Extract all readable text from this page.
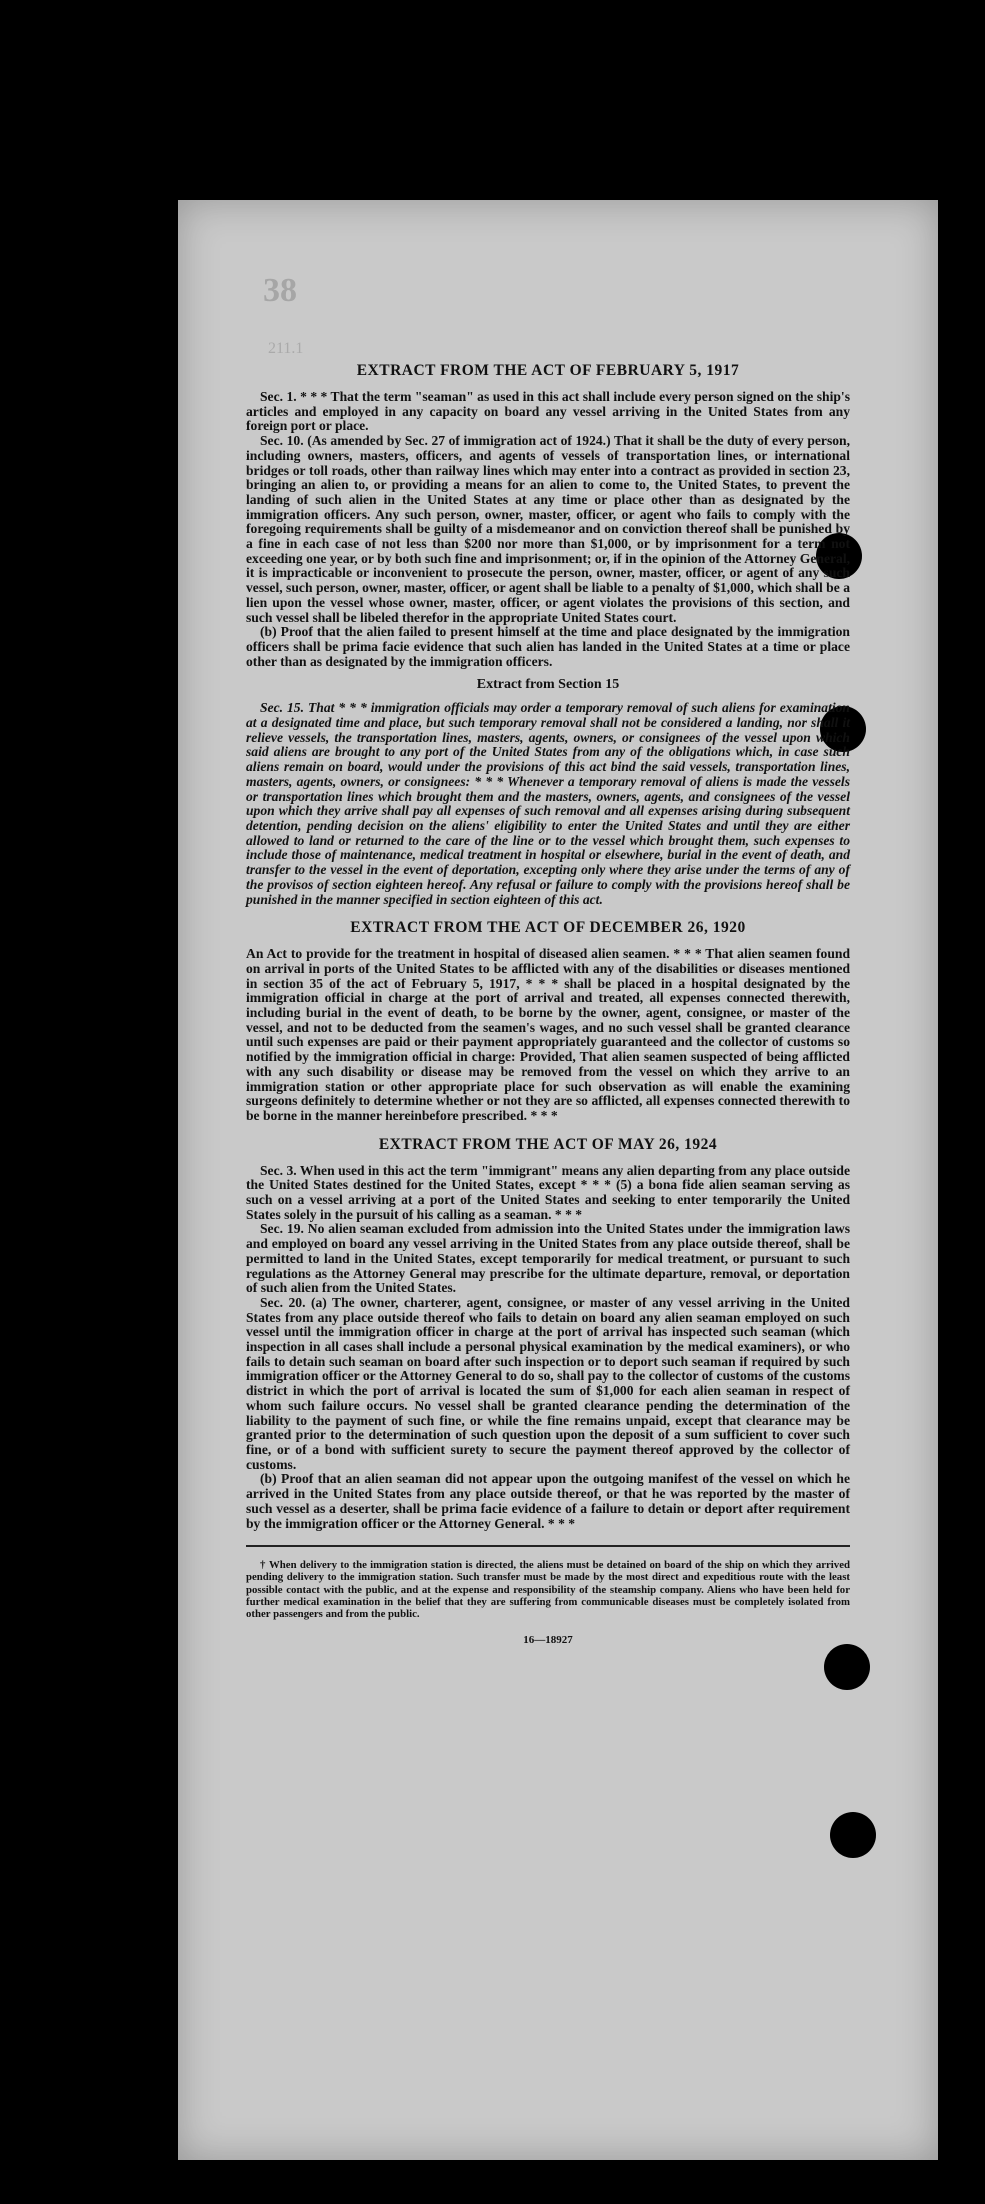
38
211.1
EXTRACT FROM THE ACT OF FEBRUARY 5, 1917

Sec. 1. * * * That the term "seaman" as used in this act shall include every person signed on the ship's articles and employed in any capacity on board any vessel arriving in the United States from any foreign port or place.

Sec. 10. (As amended by Sec. 27 of immigration act of 1924.) That it shall be the duty of every person, including owners, masters, officers, and agents of vessels of transportation lines, or international bridges or toll roads, other than railway lines which may enter into a contract as provided in section 23, bringing an alien to, or providing a means for an alien to come to, the United States, to prevent the landing of such alien in the United States at any time or place other than as designated by the immigration officers. Any such person, owner, master, officer, or agent who fails to comply with the foregoing requirements shall be guilty of a misdemeanor and on conviction thereof shall be punished by a fine in each case of not less than $200 nor more than $1,000, or by imprisonment for a term not exceeding one year, or by both such fine and imprisonment; or, if in the opinion of the Attorney General, it is impracticable or inconvenient to prosecute the person, owner, master, officer, or agent of any such vessel, such person, owner, master, officer, or agent shall be liable to a penalty of $1,000, which shall be a lien upon the vessel whose owner, master, officer, or agent violates the provisions of this section, and such vessel shall be libeled therefor in the appropriate United States court.

(b) Proof that the alien failed to present himself at the time and place designated by the immigration officers shall be prima facie evidence that such alien has landed in the United States at a time or place other than as designated by the immigration officers.

Extract from Section 15

Sec. 15. That * * * immigration officials may order a temporary removal of such aliens for examination at a designated time and place, but such temporary removal shall not be considered a landing, nor shall it relieve vessels, the transportation lines, masters, agents, owners, or consignees of the vessel upon which said aliens are brought to any port of the United States from any of the obligations which, in case such aliens remain on board, would under the provisions of this act bind the said vessels, transportation lines, masters, agents, owners, or consignees: * * * Whenever a temporary removal of aliens is made the vessels or transportation lines which brought them and the masters, owners, agents, and consignees of the vessel upon which they arrive shall pay all expenses of such removal and all expenses arising during subsequent detention, pending decision on the aliens' eligibility to enter the United States and until they are either allowed to land or returned to the care of the line or to the vessel which brought them, such expenses to include those of maintenance, medical treatment in hospital or elsewhere, burial in the event of death, and transfer to the vessel in the event of deportation, excepting only where they arise under the terms of any of the provisos of section eighteen hereof. Any refusal or failure to comply with the provisions hereof shall be punished in the manner specified in section eighteen of this act.

EXTRACT FROM THE ACT OF DECEMBER 26, 1920

An Act to provide for the treatment in hospital of diseased alien seamen. * * * That alien seamen found on arrival in ports of the United States to be afflicted with any of the disabilities or diseases mentioned in section 35 of the act of February 5, 1917, * * * shall be placed in a hospital designated by the immigration official in charge at the port of arrival and treated, all expenses connected therewith, including burial in the event of death, to be borne by the owner, agent, consignee, or master of the vessel, and not to be deducted from the seamen's wages, and no such vessel shall be granted clearance until such expenses are paid or their payment appropriately guaranteed and the collector of customs so notified by the immigration official in charge: Provided, That alien seamen suspected of being afflicted with any such disability or disease may be removed from the vessel on which they arrive to an immigration station or other appropriate place for such observation as will enable the examining surgeons definitely to determine whether or not they are so afflicted, all expenses connected therewith to be borne in the manner hereinbefore prescribed. * * *

EXTRACT FROM THE ACT OF MAY 26, 1924

Sec. 3. When used in this act the term "immigrant" means any alien departing from any place outside the United States destined for the United States, except * * * (5) a bona fide alien seaman serving as such on a vessel arriving at a port of the United States and seeking to enter temporarily the United States solely in the pursuit of his calling as a seaman. * * *

Sec. 19. No alien seaman excluded from admission into the United States under the immigration laws and employed on board any vessel arriving in the United States from any place outside thereof, shall be permitted to land in the United States, except temporarily for medical treatment, or pursuant to such regulations as the Attorney General may prescribe for the ultimate departure, removal, or deportation of such alien from the United States.

Sec. 20. (a) The owner, charterer, agent, consignee, or master of any vessel arriving in the United States from any place outside thereof who fails to detain on board any alien seaman employed on such vessel until the immigration officer in charge at the port of arrival has inspected such seaman (which inspection in all cases shall include a personal physical examination by the medical examiners), or who fails to detain such seaman on board after such inspection or to deport such seaman if required by such immigration officer or the Attorney General to do so, shall pay to the collector of customs of the customs district in which the port of arrival is located the sum of $1,000 for each alien seaman in respect of whom such failure occurs. No vessel shall be granted clearance pending the determination of the liability to the payment of such fine, or while the fine remains unpaid, except that clearance may be granted prior to the determination of such question upon the deposit of a sum sufficient to cover such fine, or of a bond with sufficient surety to secure the payment thereof approved by the collector of customs.

(b) Proof that an alien seaman did not appear upon the outgoing manifest of the vessel on which he arrived in the United States from any place outside thereof, or that he was reported by the master of such vessel as a deserter, shall be prima facie evidence of a failure to detain or deport after requirement by the immigration officer or the Attorney General. * * *

† When delivery to the immigration station is directed, the aliens must be detained on board of the ship on which they arrived pending delivery to the immigration station. Such transfer must be made by the most direct and expeditious route with the least possible contact with the public, and at the expense and responsibility of the steamship company. Aliens who have been held for further medical examination in the belief that they are suffering from communicable diseases must be completely isolated from other passengers and from the public.

16—18927
